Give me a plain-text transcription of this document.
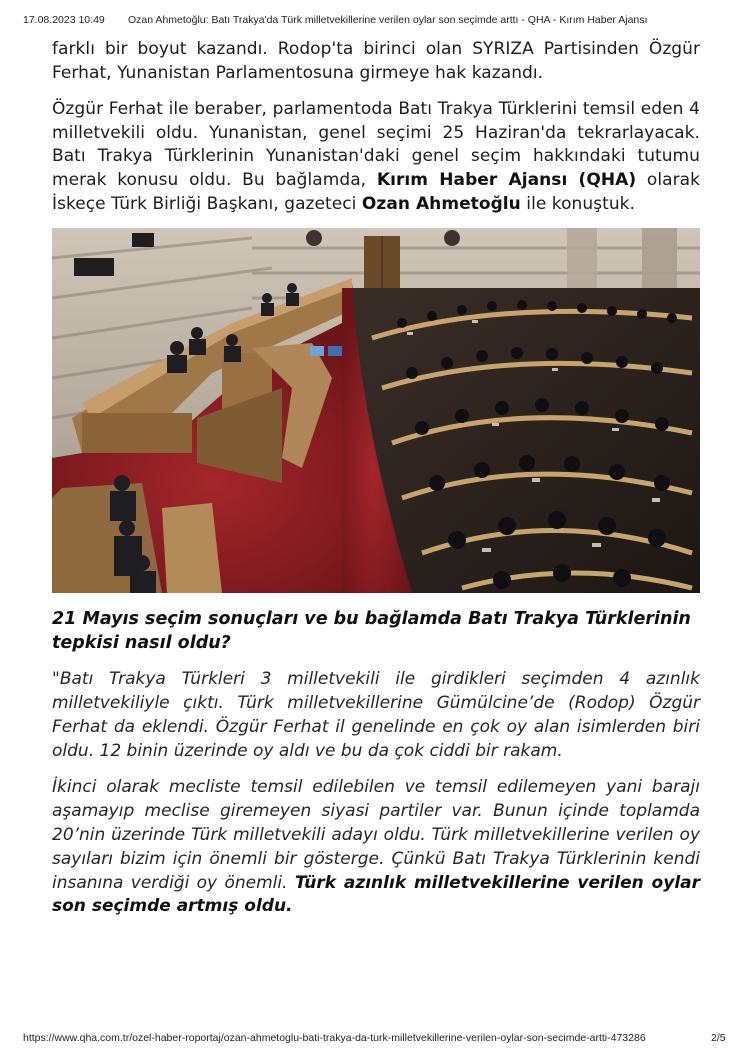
17.08.2023 10:49 Ozan Ahmetoğlu: Batı Trakya'da Türk milletvekillerine verilen oylar son seçimde arttı - QHA - Kırım Haber Ajansı

farklı bir boyut kazandı. Rodop'ta birinci olan SYRIZA Partisinden Özgür Ferhat, Yunanistan Parlamentosuna girmeye hak kazandı.

Özgür Ferhat ile beraber, parlamentoda Batı Trakya Türklerini temsil eden 4 milletvekili oldu. Yunanistan, genel seçimi 25 Haziran'da tekrarlayacak. Batı Trakya Türklerinin Yunanistan'daki genel seçim hakkındaki tutumu merak konusu oldu. Bu bağlamda, Kırım Haber Ajansı (QHA) olarak İskeçe Türk Birliği Başkanı, gazeteci Ozan Ahmetoğlu ile konuştuk.

21 Mayıs seçim sonuçları ve bu bağlamda Batı Trakya Türklerinin tepkisi nasıl oldu?

"Batı Trakya Türkleri 3 milletvekili ile girdikleri seçimden 4 azınlık milletvekiliyle çıktı. Türk milletvekillerine Gümülcine’de (Rodop) Özgür Ferhat da eklendi. Özgür Ferhat il genelinde en çok oy alan isimlerden biri oldu. 12 binin üzerinde oy aldı ve bu da çok ciddi bir rakam.

İkinci olarak mecliste temsil edilebilen ve temsil edilemeyen yani barajı aşamayıp meclise giremeyen siyasi partiler var. Bunun içinde toplamda 20’nin üzerinde Türk milletvekili adayı oldu. Türk milletvekillerine verilen oy sayıları bizim için önemli bir gösterge. Çünkü Batı Trakya Türklerinin kendi insanına verdiği oy önemli. Türk azınlık milletvekillerine verilen oylar son seçimde artmış oldu.

https://www.qha.com.tr/ozel-haber-roportaj/ozan-ahmetoglu-bati-trakya-da-turk-milletvekillerine-verilen-oylar-son-secimde-artti-473286	2/5
